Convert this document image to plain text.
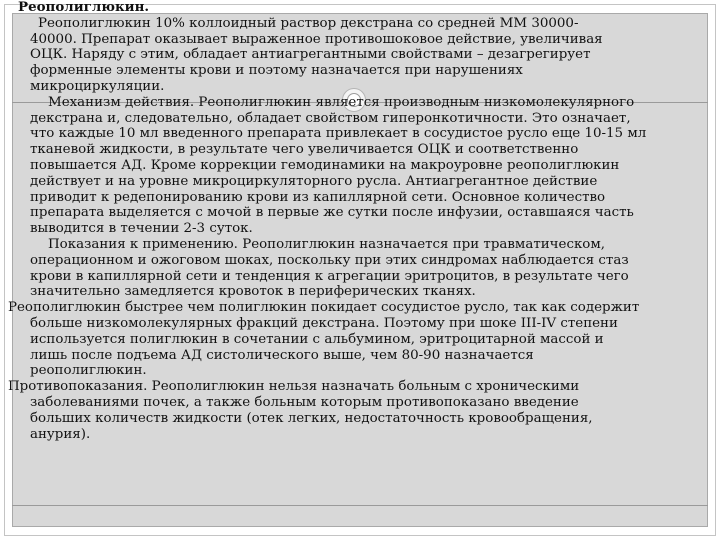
Реополиглюкин.

Реополиглюкин 10% коллоидный раствор декстрана со средней ММ 30000-

40000. Препарат оказывает выраженное противошоковое действие, увеличивая

ОЦК. Наряду с этим, обладает антиагрегантными свойствами – дезагрегирует

форменные элементы крови и поэтому назначается при нарушениях

микроциркуляции.

Механизм действия. Реополиглюкин является производным низкомолекулярного

декстрана и, следовательно, обладает свойством гиперонкотичности. Это означает,

что каждые 10 мл введенного препарата привлекает в сосудистое русло еще 10-15 мл

тканевой жидкости, в результате чего увеличивается ОЦК и соответственно

повышается АД. Кроме коррекции гемодинамики на макроуровне реополиглюкин

действует и на уровне микроциркуляторного русла. Антиагрегантное действие

приводит к редепонированию крови из капиллярной сети. Основное количество

препарата выделяется с мочой в первые же сутки после инфузии, оставшаяся часть

выводится в течении 2-3 суток.

Показания к применению. Реополиглюкин назначается при травматическом,

операционном и ожоговом шоках, поскольку при этих синдромах наблюдается стаз

крови в капиллярной сети и тенденция к агрегации эритроцитов, в результате чего

значительно замедляется кровоток в периферических тканях.

Реополиглюкин быстрее чем полиглюкин покидает сосудистое русло, так как содержит

больше низкомолекулярных фракций декстрана. Поэтому при шоке III-IV степени

используется полиглюкин в сочетании с альбумином, эритроцитарной массой и

лишь после подъема АД систолического выше, чем 80-90 назначается

реополиглюкин.

Противопоказания. Реополиглюкин нельзя назначать больным с хроническими

заболеваниями почек, а также больным которым противопоказано введение

больших количеств жидкости (отек легких, недостаточность кровообращения,

анурия).
